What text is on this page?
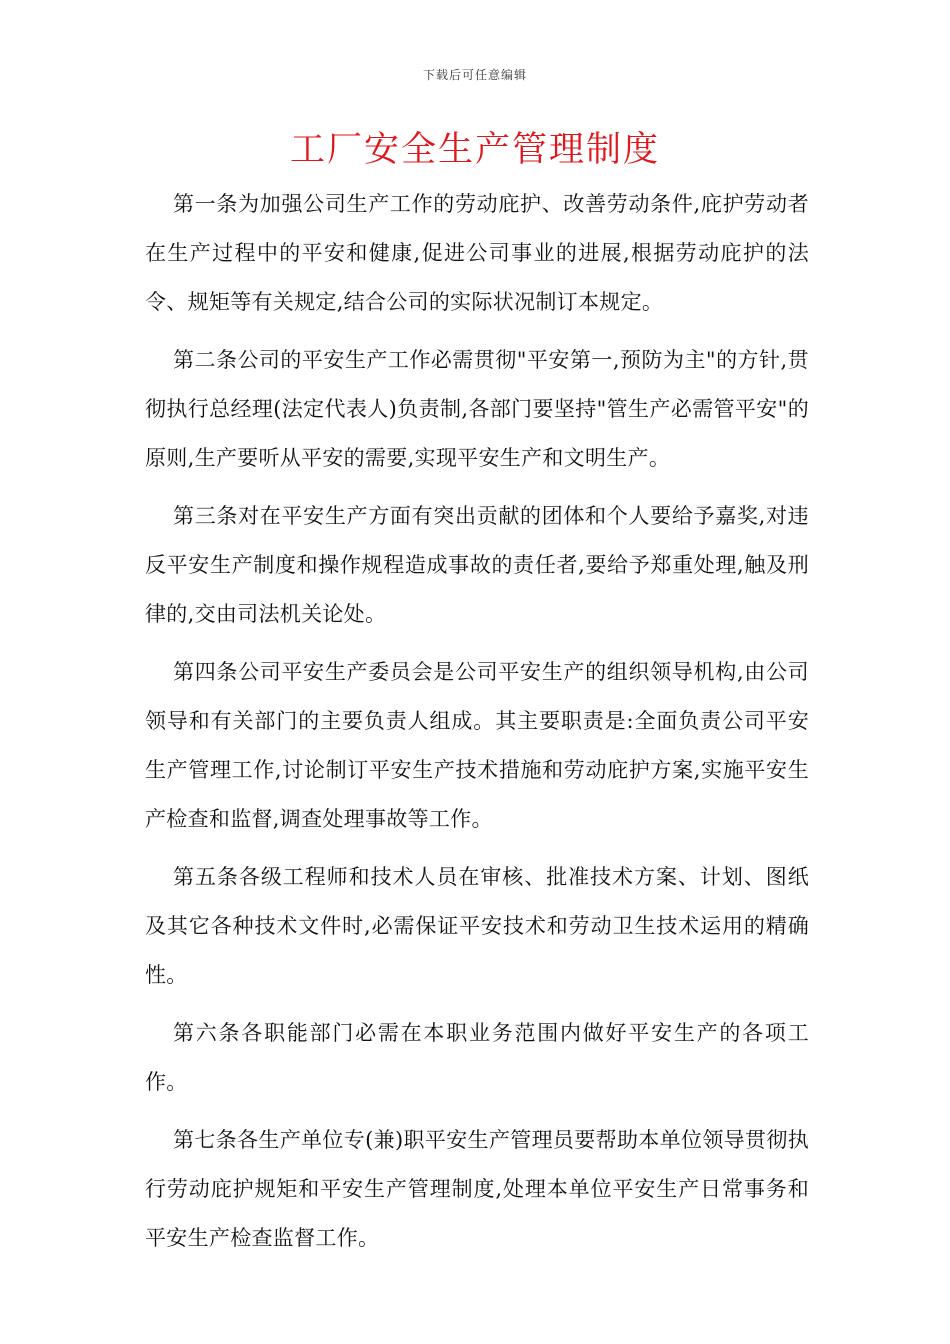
下载后可任意编辑
工厂安全生产管理制度

第一条为加强公司生产工作的劳动庇护、改善劳动条件,庇护劳动者在生产过程中的平安和健康,促进公司事业的进展,根据劳动庇护的法令、规矩等有关规定,结合公司的实际状况制订本规定。

第二条公司的平安生产工作必需贯彻"平安第一,预防为主"的方针,贯彻执行总经理(法定代表人)负责制,各部门要坚持"管生产必需管平安"的原则,生产要听从平安的需要,实现平安生产和文明生产。

第三条对在平安生产方面有突出贡献的团体和个人要给予嘉奖,对违反平安生产制度和操作规程造成事故的责任者,要给予郑重处理,触及刑律的,交由司法机关论处。

第四条公司平安生产委员会是公司平安生产的组织领导机构,由公司领导和有关部门的主要负责人组成。其主要职责是:全面负责公司平安生产管理工作,讨论制订平安生产技术措施和劳动庇护方案,实施平安生产检查和监督,调查处理事故等工作。

第五条各级工程师和技术人员在审核、批准技术方案、计划、图纸及其它各种技术文件时,必需保证平安技术和劳动卫生技术运用的精确性。

第六条各职能部门必需在本职业务范围内做好平安生产的各项工作。

第七条各生产单位专(兼)职平安生产管理员要帮助本单位领导贯彻执行劳动庇护规矩和平安生产管理制度,处理本单位平安生产日常事务和平安生产检查监督工作。
